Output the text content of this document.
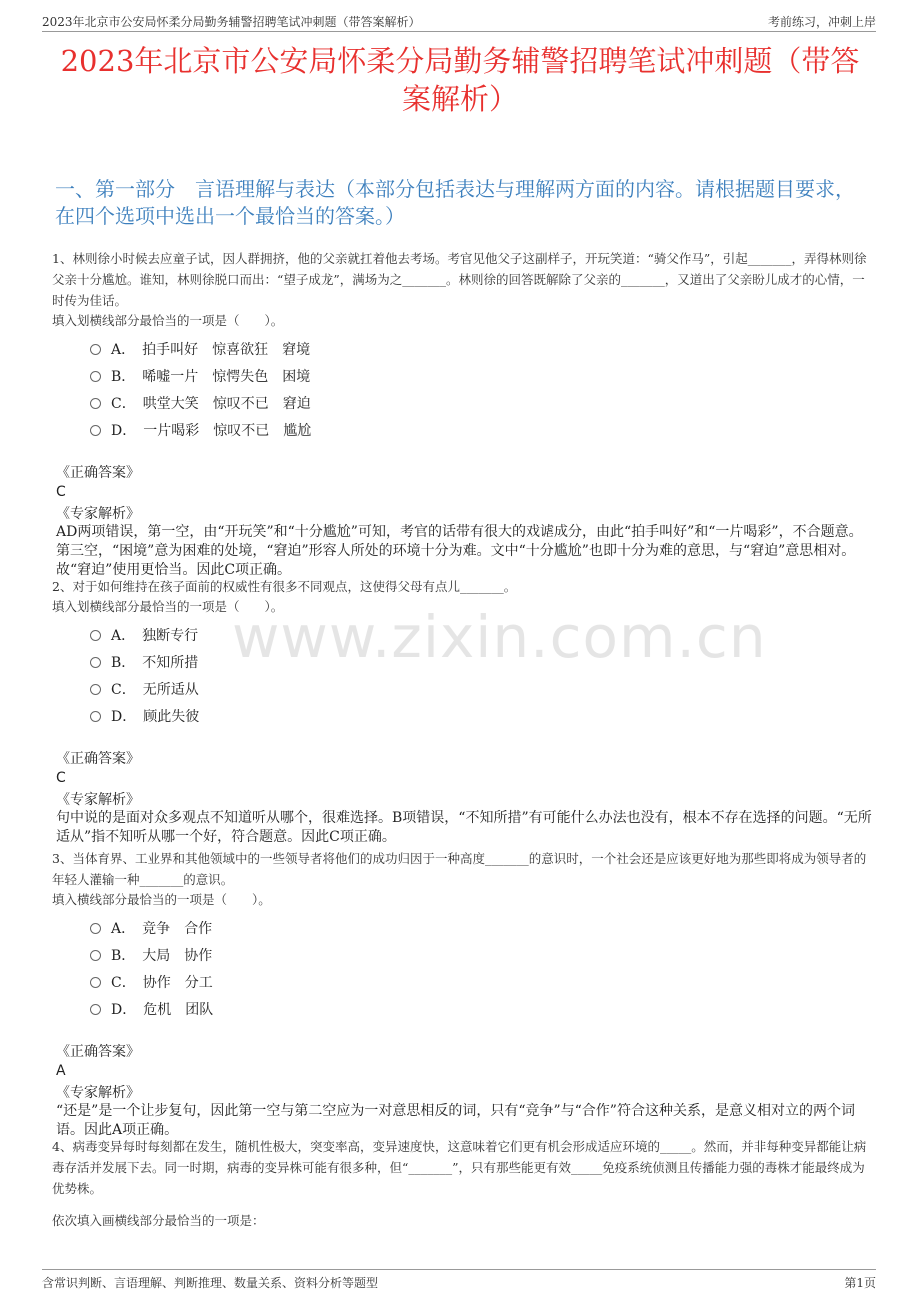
2023年北京市公安局怀柔分局勤务辅警招聘笔试冲刺题（带答案解析）	考前练习，冲刺上岸
2023年北京市公安局怀柔分局勤务辅警招聘笔试冲刺题（带答案解析）
一、第一部分　言语理解与表达（本部分包括表达与理解两方面的内容。请根据题目要求，在四个选项中选出一个最恰当的答案。）
www.zixin.com.cn
1、林则徐小时候去应童子试，因人群拥挤，他的父亲就扛着他去考场。考官见他父子这副样子，开玩笑道：“骑父作马”，引起_______，弄得林则徐父亲十分尴尬。谁知，林则徐脱口而出：“望子成龙”，满场为之_______。林则徐的回答既解除了父亲的_______，又道出了父亲盼儿成才的心情，一时传为佳话。
填入划横线部分最恰当的一项是（　　）。
A．　拍手叫好　惊喜欲狂　窘境
B．　唏嘘一片　惊愕失色　困境
C．　哄堂大笑　惊叹不已　窘迫
D．　一片喝彩　惊叹不已　尴尬
《正确答案》
C
《专家解析》
AD两项错误，第一空，由“开玩笑”和“十分尴尬”可知，考官的话带有很大的戏谑成分，由此“拍手叫好”和“一片喝彩”，不合题意。第三空，“困境”意为困难的处境，“窘迫”形容人所处的环境十分为难。文中“十分尴尬”也即十分为难的意思，与“窘迫”意思相对。故“窘迫”使用更恰当。因此C项正确。
2、对于如何维持在孩子面前的权威性有很多不同观点，这使得父母有点儿_______。
填入划横线部分最恰当的一项是（　　）。
A．　独断专行
B．　不知所措
C．　无所适从
D．　顾此失彼
《正确答案》
C
《专家解析》
句中说的是面对众多观点不知道听从哪个，很难选择。B项错误，“不知所措”有可能什么办法也没有，根本不存在选择的问题。“无所适从”指不知听从哪一个好，符合题意。因此C项正确。
3、当体育界、工业界和其他领域中的一些领导者将他们的成功归因于一种高度_______的意识时，一个社会还是应该更好地为那些即将成为领导者的年轻人灌输一种_______的意识。
填入横线部分最恰当的一项是（　　）。
A．　竞争　合作
B．　大局　协作
C．　协作　分工
D．　危机　团队
《正确答案》
A
《专家解析》
“还是”是一个让步复句，因此第一空与第二空应为一对意思相反的词，只有“竞争”与“合作”符合这种关系，是意义相对立的两个词语。因此A项正确。
4、病毒变异每时每刻都在发生，随机性极大，突变率高，变异速度快，这意味着它们更有机会形成适应环境的_____。然而，并非每种变异都能让病毒存活并发展下去。同一时期，病毒的变异株可能有很多种，但“_______”，只有那些能更有效_____免疫系统侦测且传播能力强的毒株才能最终成为优势株。
依次填入画横线部分最恰当的一项是：
含常识判断、言语理解、判断推理、数量关系、资料分析等题型	第1页
